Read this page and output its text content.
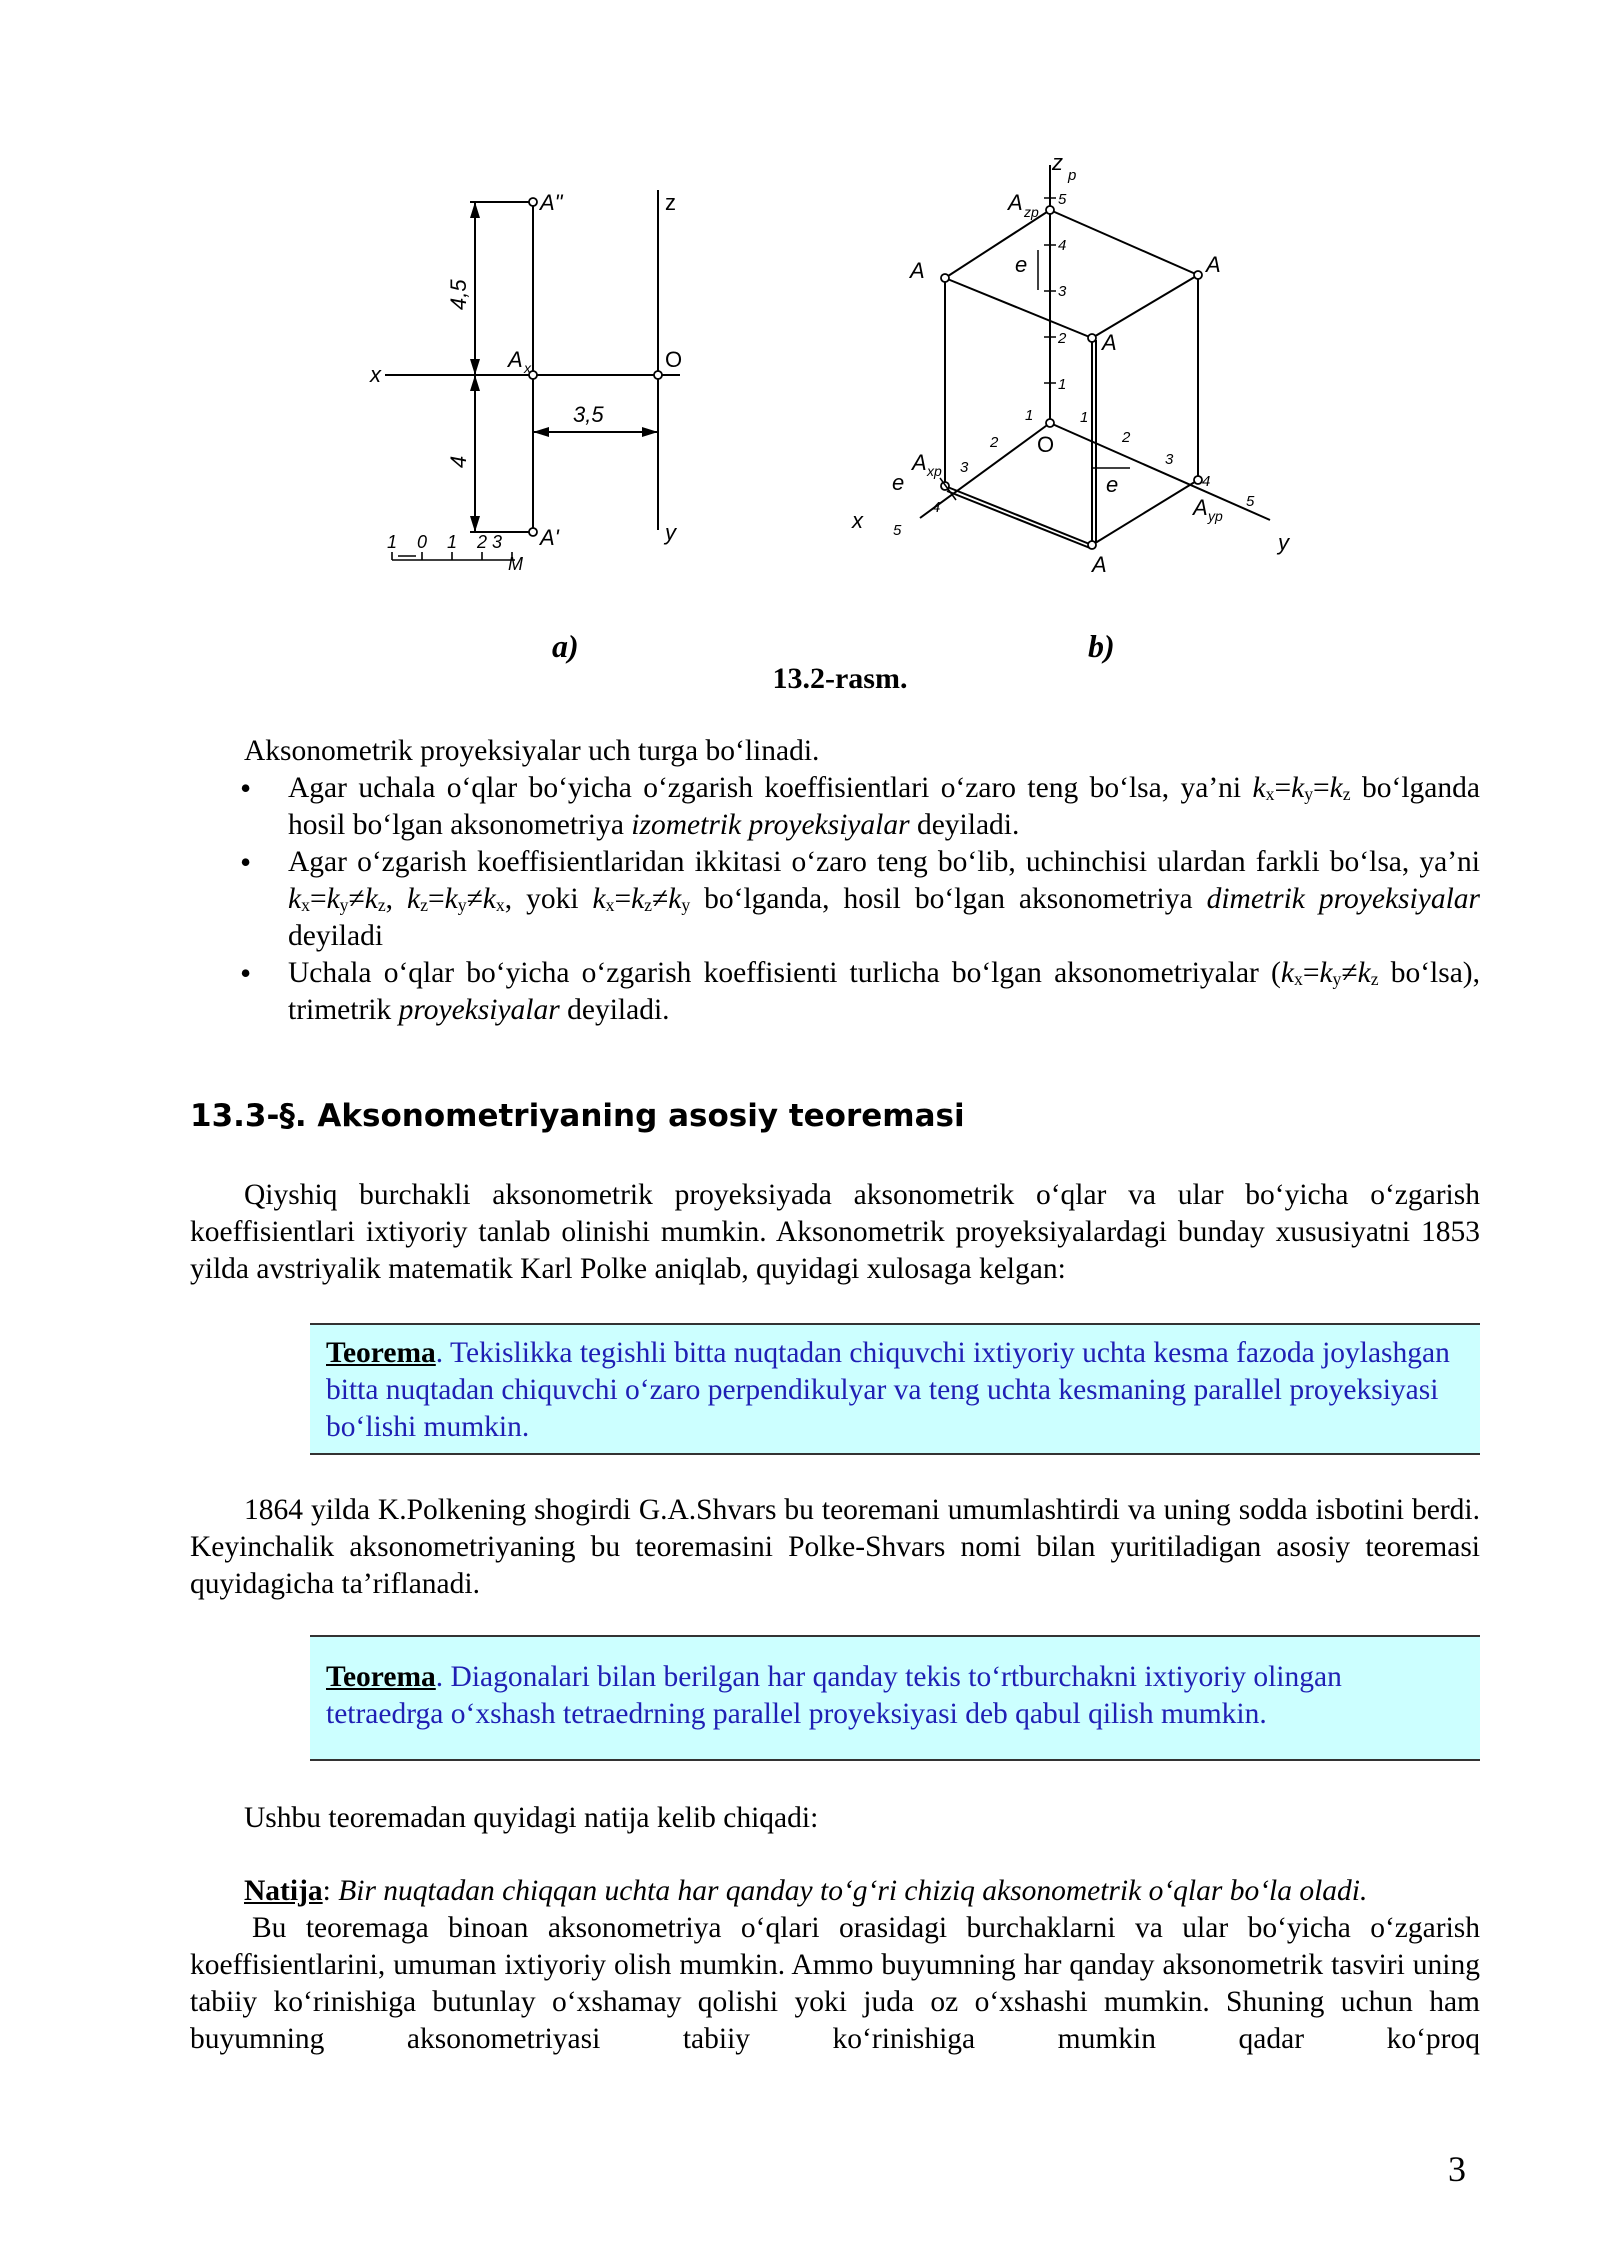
1 0 1 2 3
M
A"
A'
A x	O
x
z
y
4,5
4
3,5
5
4
3
2
1
1
2
3
4
5
1
2
3
4
5
z
p
A zp
A	A
A
A xp
A yp
A
O
e
e	e
x
y
a)	b)
13.2-rasm.

Aksonometrik proyeksiyalar uch turga bo‘linadi.

• Agar uchala o‘qlar bo‘yicha o‘zgarish koeffisientlari o‘zaro teng bo‘lsa, ya’ni $k_x=k_y=k_z$ bo‘lganda hosil bo‘lgan aksonometriya izometrik proyeksiyalar deyiladi.
• Agar o‘zgarish koeffisientlaridan ikkitasi o‘zaro teng bo‘lib, uchinchisi ulardan farkli bo‘lsa, ya’ni $k_x=k_y\ne k_z$, $k_z=k_y\ne k_x$, yoki $k_x=k_z\ne k_y$ bo‘lganda, hosil bo‘lgan aksonometriya dimetrik proyeksiyalar deyiladi
• Uchala o‘qlar bo‘yicha o‘zgarish koeffisienti turlicha bo‘lgan aksonometriyalar ($k_x=k_y\ne k_z$ bo‘lsa), trimetrik proyeksiyalar deyiladi.
13.3-§. Aksonometriyaning asosiy teoremasi

Qiyshiq burchakli aksonometrik proyeksiyada aksonometrik o‘qlar va ular bo‘yicha o‘zgarish koeffisientlari ixtiyoriy tanlab olinishi mumkin. Aksonometrik proyeksiyalardagi bunday xususiyatni 1853 yilda avstriyalik matematik Karl Polke aniqlab, quyidagi xulosaga kelgan:

Teorema. Tekislikka tegishli bitta nuqtadan chiquvchi ixtiyoriy uchta kesma fazoda joylashgan bitta nuqtadan chiquvchi o‘zaro perpendikulyar va teng uchta kesmaning parallel proyeksiyasi bo‘lishi mumkin.

1864 yilda K.Polkening shogirdi G.A.Shvars bu teoremani umumlashtirdi va uning sodda isbotini berdi. Keyinchalik aksonometriyaning bu teoremasini Polke-Shvars nomi bilan yuritiladigan asosiy teoremasi quyidagicha ta’riflanadi.

Teorema. Diagonalari bilan berilgan har qanday tekis to‘rtburchakni ixtiyoriy olingan tetraedrga o‘xshash tetraedrning parallel proyeksiyasi deb qabul qilish mumkin.

Ushbu teoremadan quyidagi natija kelib chiqadi:

Natija: Bir nuqtadan chiqqan uchta har qanday to‘g‘ri chiziq aksonometrik o‘qlar bo‘la oladi.

Bu teoremaga binoan aksonometriya o‘qlari orasidagi burchaklarni va ular bo‘yicha o‘zgarish koeffisientlarini, umuman ixtiyoriy olish mumkin. Ammo buyumning har qanday aksonometrik tasviri uning tabiiy ko‘rinishiga butunlay o‘xshamay qolishi yoki juda oz o‘xshashi mumkin. Shuning uchun ham buyumning aksonometriyasi tabiiy ko‘rinishiga mumkin qadar ko‘proq

3
